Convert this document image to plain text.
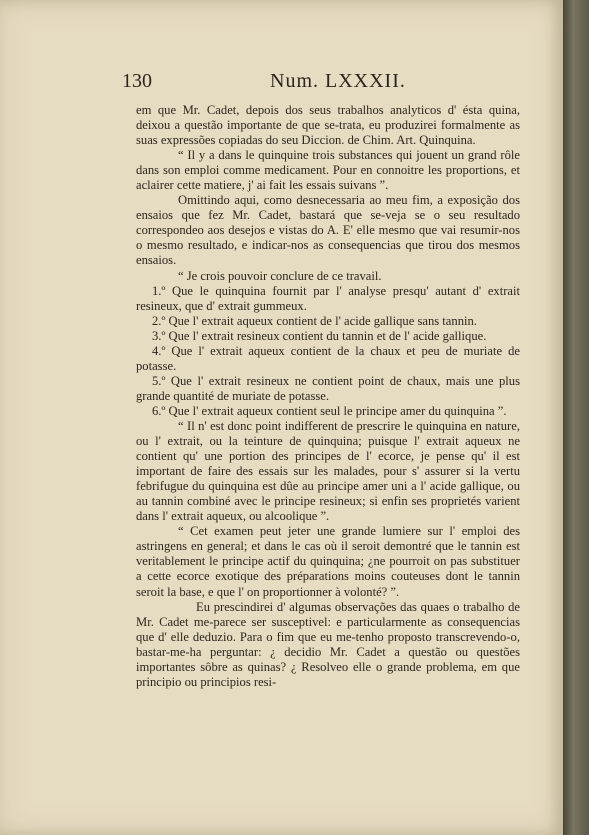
130	Num. LXXXII.

em que Mr. Cadet, depois dos seus trabalhos analyticos d' ésta quina, deixou a questão importante de que se-trata, eu produzirei formalmente as suas expressões copiadas do seu Diccion. de Chim. Art. Quinquina.

“ Il y a dans le quinquine trois substances qui jouent un grand rôle dans son emploi comme medicament. Pour en connoitre les proportions, et aclairer cette matiere, j' ai fait les essais suivans ”.

Omittindo aqui, como desnecessaria ao meu fim, a exposição dos ensaios que fez Mr. Cadet, bastará que se-veja se o seu resultado correspondeo aos desejos e vistas do A. E' elle mesmo que vai resumir-nos o mesmo resultado, e indicar-nos as consequencias que tirou dos mesmos ensaios.

“ Je crois pouvoir conclure de ce travail.

1.º Que le quinquina fournit par l' analyse presqu' autant d' extrait resineux, que d' extrait gummeux.

2.º Que l' extrait aqueux contient de l' acide gallique sans tannin.

3.º Que l' extrait resineux contient du tannin et de l' acide gallique.

4.º Que l' extrait aqueux contient de la chaux et peu de muriate de potasse.

5.º Que l' extrait resineux ne contient point de chaux, mais une plus grande quantité de muriate de potasse.

6.º Que l' extrait aqueux contient seul le principe amer du quinquina ”.

“ Il n' est donc point indifferent de prescrire le quinquina en nature, ou l' extrait, ou la teinture de quinquina; puisque l' extrait aqueux ne contient qu' une portion des principes de l' ecorce, je pense qu' il est important de faire des essais sur les malades, pour s' assurer si la vertu febrifugue du quinquina est dûe au principe amer uni a l' acide gallique, ou au tannin combiné avec le principe resineux; si enfin ses proprietés varient dans l' extrait aqueux, ou alcoolique ”.

“ Cet examen peut jeter une grande lumiere sur l' emploi des astringens en general; et dans le cas où il seroit demontré que le tannin est veritablement le principe actif du quinquina; ¿ne pourroit on pas substituer a cette ecorce exotique des préparations moins couteuses dont le tannin seroit la base, e que l' on proportionner à volonté? ”.

Eu prescindirei d' algumas observações das quaes o trabalho de Mr. Cadet me-parece ser susceptivel: e particularmente as consequencias que d' elle deduzio. Para o fim que eu me-tenho proposto transcrevendo-o, bastar-me-ha perguntar: ¿ decidio Mr. Cadet a questão ou questões importantes sôbre as quinas? ¿ Resolveo elle o grande problema, em que principio ou principios resi-
